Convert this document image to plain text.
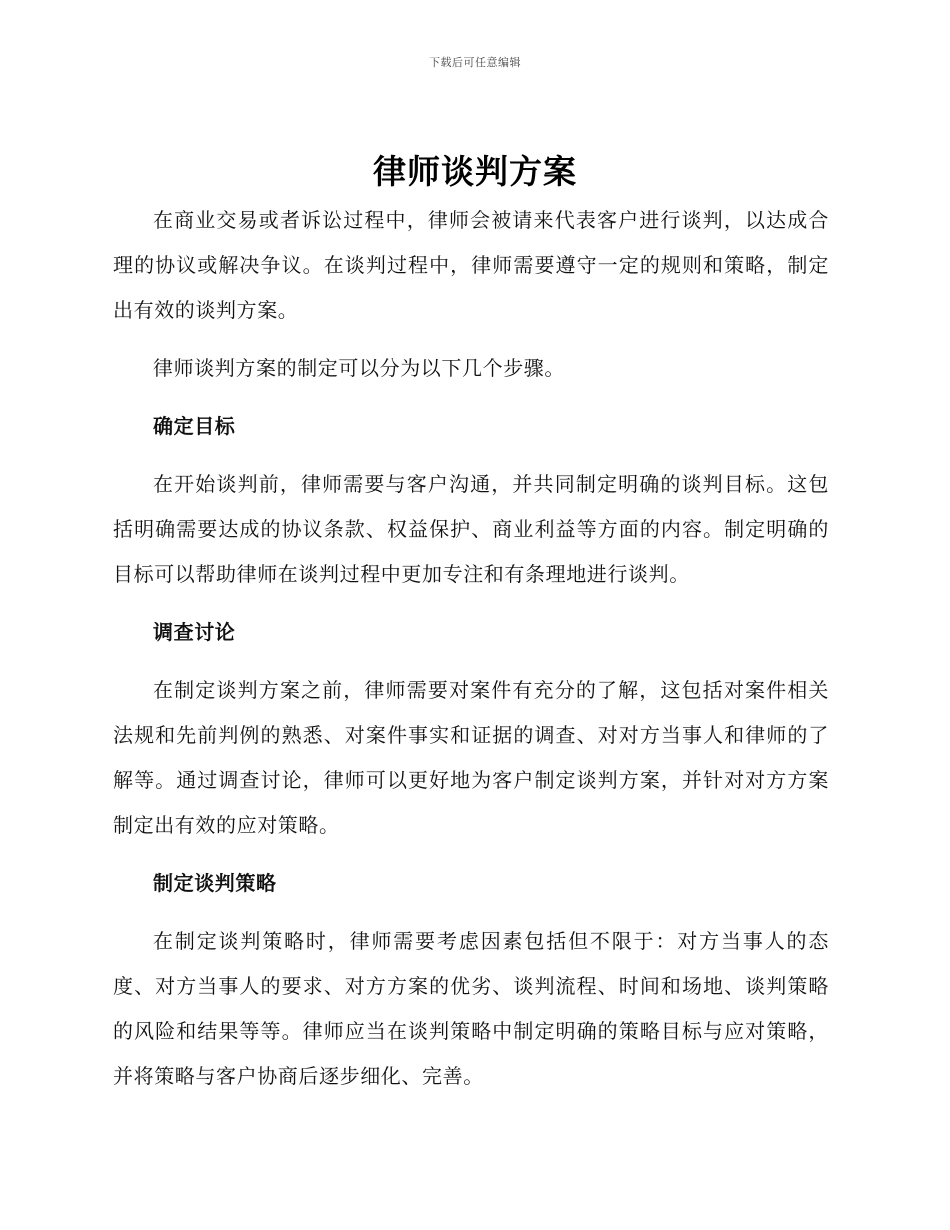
下载后可任意编辑
律师谈判方案

在商业交易或者诉讼过程中，律师会被请来代表客户进行谈判，以达成合理的协议或解决争议。在谈判过程中，律师需要遵守一定的规则和策略，制定出有效的谈判方案。

律师谈判方案的制定可以分为以下几个步骤。

确定目标

在开始谈判前，律师需要与客户沟通，并共同制定明确的谈判目标。这包括明确需要达成的协议条款、权益保护、商业利益等方面的内容。制定明确的目标可以帮助律师在谈判过程中更加专注和有条理地进行谈判。

调查讨论

在制定谈判方案之前，律师需要对案件有充分的了解，这包括对案件相关法规和先前判例的熟悉、对案件事实和证据的调查、对对方当事人和律师的了解等。通过调查讨论，律师可以更好地为客户制定谈判方案，并针对对方方案制定出有效的应对策略。

制定谈判策略

在制定谈判策略时，律师需要考虑因素包括但不限于：对方当事人的态度、对方当事人的要求、对方方案的优劣、谈判流程、时间和场地、谈判策略的风险和结果等等。律师应当在谈判策略中制定明确的策略目标与应对策略，并将策略与客户协商后逐步细化、完善。
